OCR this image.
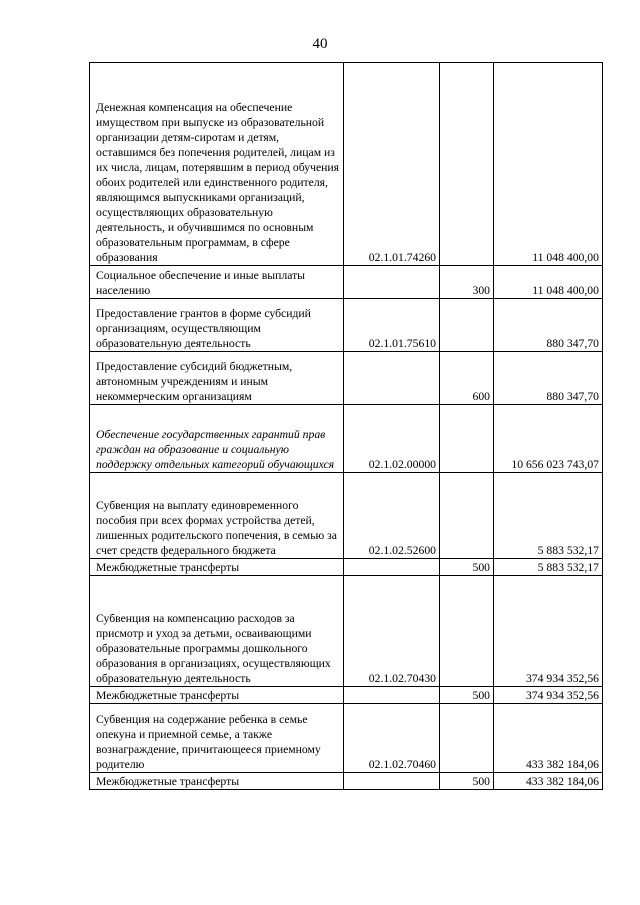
40
Денежная компенсация на обеспечение имуществом при выпуске из образовательной организации детям-сиротам и детям, оставшимся без попечения родителей, лицам из их числа, лицам, потерявшим в период обучения обоих родителей или единственного родителя, являющимся выпускниками организаций, осуществляющих образовательную деятельность, и обучившимся по основным образовательным программам, в сфере образования	02.1.01.74260		11 048 400,00
Социальное обеспечение и иные выплаты населению		300	11 048 400,00
Предоставление грантов в форме субсидий организациям, осуществляющим образовательную деятельность	02.1.01.75610		880 347,70
Предоставление субсидий бюджетным, автономным учреждениям и иным некоммерческим организациям		600	880 347,70
Обеспечение государственных гарантий прав граждан на образование и социальную поддержку отдельных категорий обучающихся	02.1.02.00000		10 656 023 743,07
Субвенция на выплату единовременного пособия при всех формах устройства детей, лишенных родительского попечения, в семью за счет средств федерального бюджета	02.1.02.52600		5 883 532,17
Межбюджетные трансферты		500	5 883 532,17
Субвенция на компенсацию расходов за присмотр и уход за детьми, осваивающими образовательные программы дошкольного образования в организациях, осуществляющих образовательную деятельность	02.1.02.70430		374 934 352,56
Межбюджетные трансферты		500	374 934 352,56
Субвенция на содержание ребенка в семье опекуна и приемной семье, а также вознаграждение, причитающееся приемному родителю	02.1.02.70460		433 382 184,06
Межбюджетные трансферты		500	433 382 184,06
